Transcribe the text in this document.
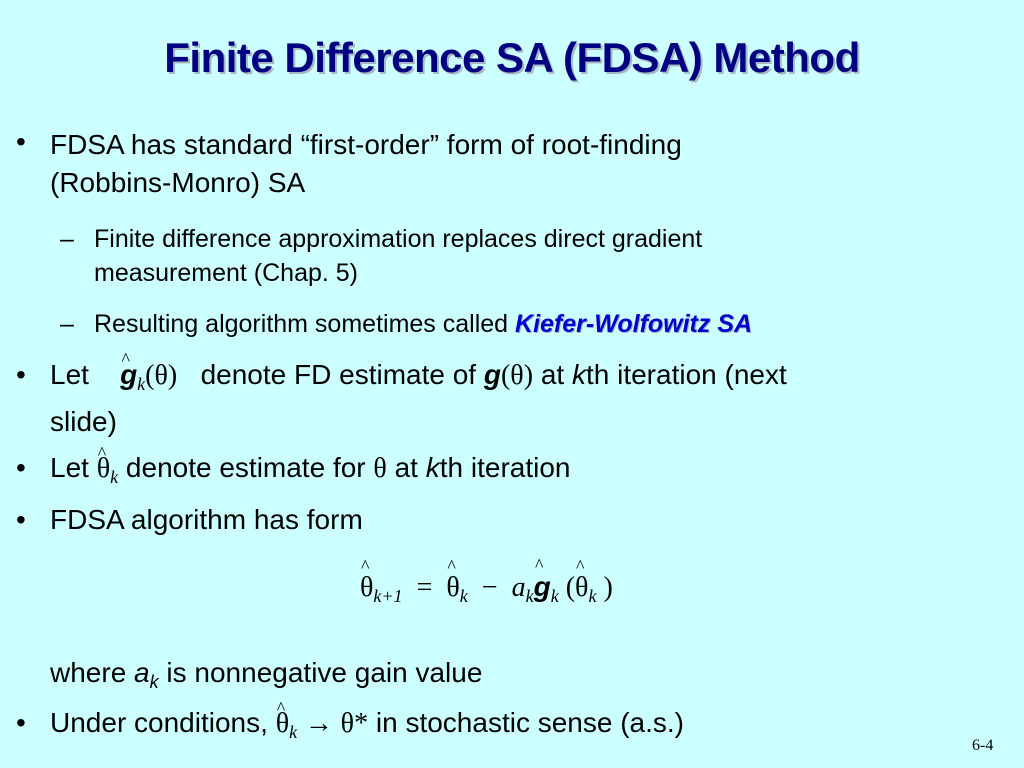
Finite Difference SA (FDSA) Method
• FDSA has standard “first-order” form of root-finding
(Robbins-Monro) SA
– Finite difference approximation replaces direct gradient
measurement (Chap. 5)
– Resulting algorithm sometimes called Kiefer-Wolfowitz SA
• Let ^ $g_k(\theta)$ denote FD estimate of g(θ) at kth iteration (next
slide)
• Let ^ $\theta_k$ denote estimate for θ at kth iteration
• FDSA algorithm has form
^ $\theta_{k+1}$ = ^ $\theta_k$ − $a_k\^{}$ $g_k$ (^ $\theta_k$ )
where $a_k$ is nonnegative gain value
• Under conditions, ^ $\theta_k \to \theta*$ in stochastic sense (a.s.)
6-4
